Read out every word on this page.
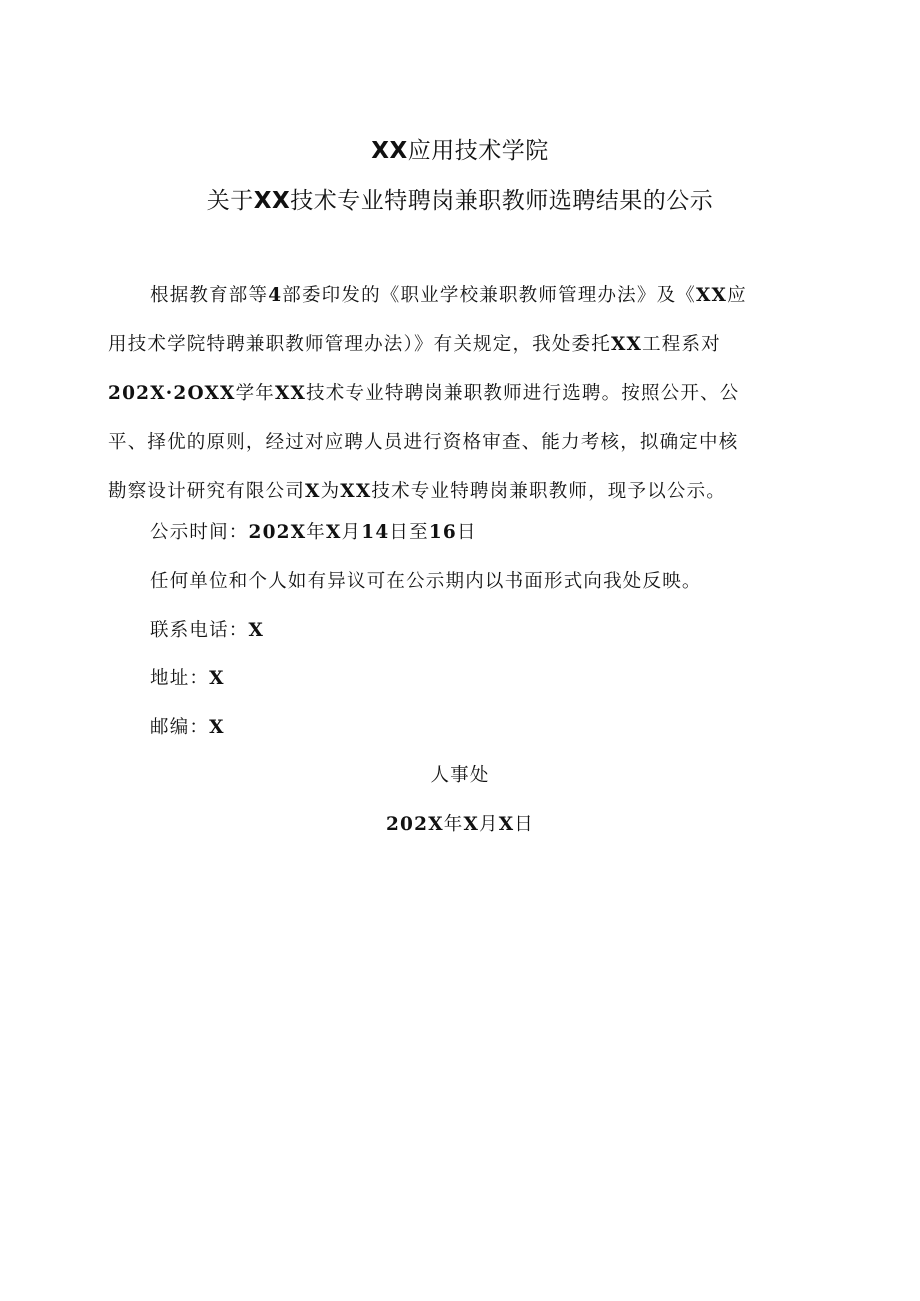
XX应用技术学院
关于XX技术专业特聘岗兼职教师选聘结果的公示
根据教育部等4部委印发的《职业学校兼职教师管理办法》及《XX应
用技术学院特聘兼职教师管理办法）》有关规定，我处委托XX工程系对
202X·2OXX学年XX技术专业特聘岗兼职教师进行选聘。按照公开、公
平、择优的原则，经过对应聘人员进行资格审查、能力考核，拟确定中核
勘察设计研究有限公司X为XX技术专业特聘岗兼职教师，现予以公示。
公示时间：202X年X月14日至16日
任何单位和个人如有异议可在公示期内以书面形式向我处反映。
联系电话：X
地址：X
邮编：X
人事处
202X年X月X日
